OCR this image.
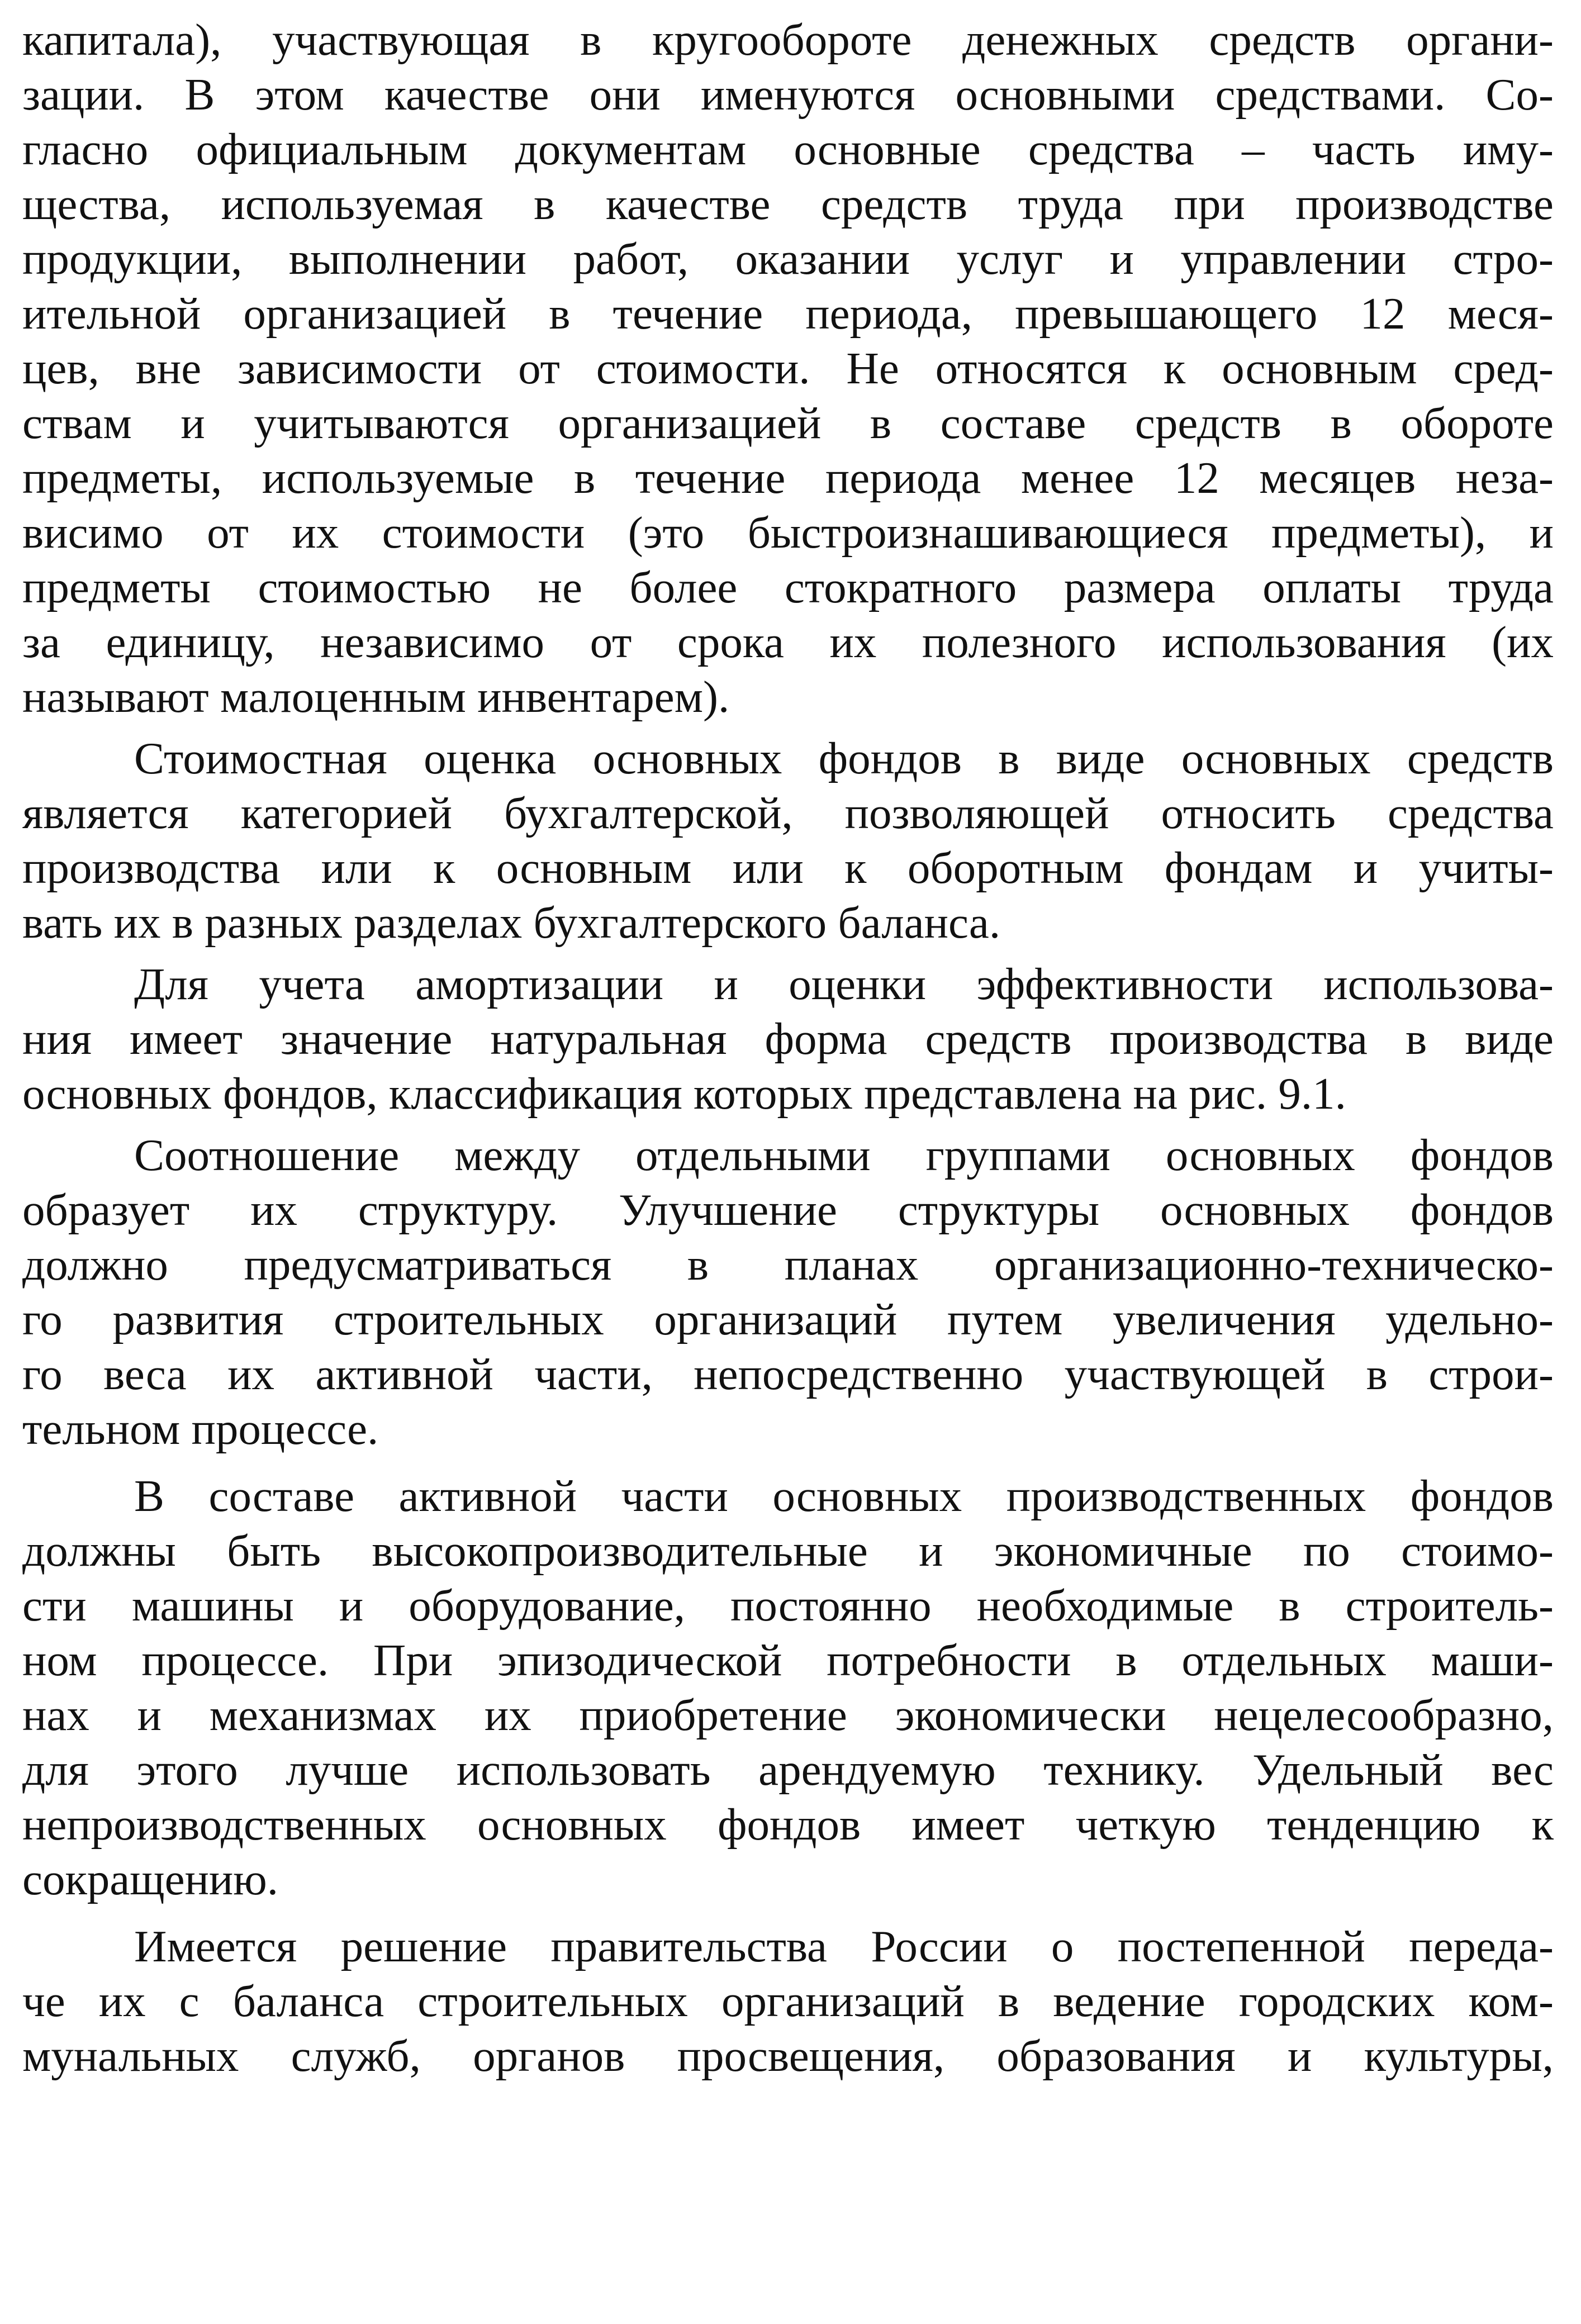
капитала), участвующая в кругообороте денежных средств органи-
зации. В этом качестве они именуются основными средствами. Со-
гласно официальным документам основные средства – часть иму-
щества, используемая в качестве средств труда при производстве
продукции, выполнении работ, оказании услуг и управлении стро-
ительной организацией в течение периода, превышающего 12 меся-
цев, вне зависимости от стоимости. Не относятся к основным сред-
ствам и учитываются организацией в составе средств в обороте
предметы, используемые в течение периода менее 12 месяцев неза-
висимо от их стоимости (это быстроизнашивающиеся предметы), и
предметы стоимостью не более стократного размера оплаты труда
за единицу, независимо от срока их полезного использования (их
называют малоценным инвентарем).
Стоимостная оценка основных фондов в виде основных средств
является категорией бухгалтерской, позволяющей относить средства
производства или к основным или к оборотным фондам и учиты-
вать их в разных разделах бухгалтерского баланса.
Для учета амортизации и оценки эффективности использова-
ния имеет значение натуральная форма средств производства в виде
основных фондов, классификация которых представлена на рис. 9.1.
Соотношение между отдельными группами основных фондов
образует их структуру. Улучшение структуры основных фондов
должно предусматриваться в планах организационно-техническо-
го развития строительных организаций путем увеличения удельно-
го веса их активной части, непосредственно участвующей в строи-
тельном процессе.
В составе активной части основных производственных фондов
должны быть высокопроизводительные и экономичные по стоимо-
сти машины и оборудование, постоянно необходимые в строитель-
ном процессе. При эпизодической потребности в отдельных маши-
нах и механизмах их приобретение экономически нецелесообразно,
для этого лучше использовать арендуемую технику. Удельный вес
непроизводственных основных фондов имеет четкую тенденцию к
сокращению.
Имеется решение правительства России о постепенной переда-
че их с баланса строительных организаций в ведение городских ком-
мунальных служб, органов просвещения, образования и культуры,
